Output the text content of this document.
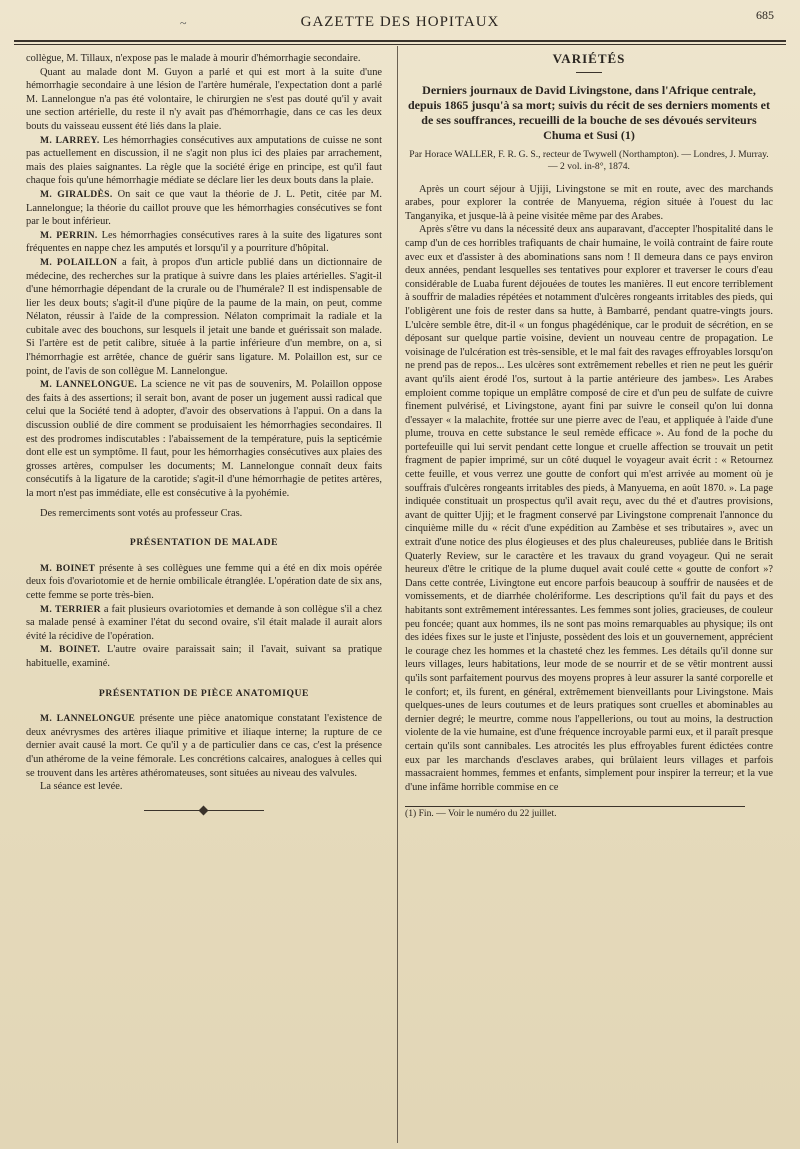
~	GAZETTE DES HOPITAUX	685

collègue, M. Tillaux, n'expose pas le malade à mourir d'hémorrhagie secondaire.

Quant au malade dont M. Guyon a parlé et qui est mort à la suite d'une hémorrhagie secondaire à une lésion de l'artère humérale, l'expectation dont a parlé M. Lannelongue n'a pas été volontaire, le chirurgien ne s'est pas douté qu'il y avait une section artérielle, du reste il n'y avait pas d'hémorrhagie, dans ce cas les deux bouts du vaisseau eussent été liés dans la plaie.

M. LARREY. Les hémorrhagies consécutives aux amputations de cuisse ne sont pas actuellement en discussion, il ne s'agit non plus ici des plaies par arrachement, mais des plaies saignantes. La règle que la société érige en principe, est qu'il faut chaque fois qu'une hémorrhagie médiate se déclare lier les deux bouts dans la plaie.

M. GIRALDÈS. On sait ce que vaut la théorie de J. L. Petit, citée par M. Lannelongue; la théorie du caillot prouve que les hémorrhagies consécutives se font par le bout inférieur.

M. PERRIN. Les hémorrhagies consécutives rares à la suite des ligatures sont fréquentes en nappe chez les amputés et lorsqu'il y a pourriture d'hôpital.

M. POLAILLON a fait, à propos d'un article publié dans un dictionnaire de médecine, des recherches sur la pratique à suivre dans les plaies artérielles. S'agit-il d'une hémorrhagie dépendant de la crurale ou de l'humérale? Il est indispensable de lier les deux bouts; s'agit-il d'une piqûre de la paume de la main, on peut, comme Nélaton, réussir à l'aide de la compression. Nélaton comprimait la radiale et la cubitale avec des bouchons, sur lesquels il jetait une bande et guérissait son malade. Si l'artère est de petit calibre, située à la partie inférieure d'un membre, on a, si l'hémorrhagie est arrêtée, chance de guérir sans ligature. M. Polaillon est, sur ce point, de l'avis de son collègue M. Lannelongue.

M. LANNELONGUE. La science ne vit pas de souvenirs, M. Polaillon oppose des faits à des assertions; il serait bon, avant de poser un jugement aussi radical que celui que la Société tend à adopter, d'avoir des observations à l'appui. On a dans la discussion oublié de dire comment se produisaient les hémorrhagies secondaires. Il est des prodromes indiscutables : l'abaissement de la température, puis la septicémie dont elle est un symptôme. Il faut, pour les hémorrhagies consécutives aux plaies des grosses artères, compulser les documents; M. Lannelongue connaît deux faits consécutifs à la ligature de la carotide; s'agit-il d'une hémorrhagie de petites artères, la mort n'est pas immédiate, elle est consécutive à la pyohémie.

Des remerciments sont votés au professeur Cras.

PRÉSENTATION DE MALADE

M. BOINET présente à ses collègues une femme qui a été en dix mois opérée deux fois d'ovariotomie et de hernie ombilicale étranglée. L'opération date de six ans, cette femme se porte très-bien.

M. TERRIER a fait plusieurs ovariotomies et demande à son collègue s'il a chez sa malade pensé à examiner l'état du second ovaire, s'il était malade il aurait alors évité la récidive de l'opération.

M. BOINET. L'autre ovaire paraissait sain; il l'avait, suivant sa pratique habituelle, examiné.

PRÉSENTATION DE PIÈCE ANATOMIQUE

M. LANNELONGUE présente une pièce anatomique constatant l'existence de deux anévrysmes des artères iliaque primitive et iliaque interne; la rupture de ce dernier avait causé la mort. Ce qu'il y a de particulier dans ce cas, c'est la présence d'un athérome de la veine fémorale. Les concrétions calcaires, analogues à celles qui se trouvent dans les artères athéromateuses, sont situées au niveau des valvules.

La séance est levée.

VARIÉTÉS
Derniers journaux de David Livingstone, dans l'Afrique centrale, depuis 1865 jusqu'à sa mort; suivis du récit de ses derniers moments et de ses souffrances, recueilli de la bouche de ses dévoués serviteurs Chuma et Susi (1)
Par Horace WALLER, F. R. G. S., recteur de Twywell (Northampton). — Londres, J. Murray. — 2 vol. in-8°, 1874.

Après un court séjour à Ujiji, Livingstone se mit en route, avec des marchands arabes, pour explorer la contrée de Manyuema, région située à l'ouest du lac Tanganyika, et jusque-là à peine visitée même par des Arabes.

Après s'être vu dans la nécessité deux ans auparavant, d'accepter l'hospitalité dans le camp d'un de ces horribles trafiquants de chair humaine, le voilà contraint de faire route avec eux et d'assister à des abominations sans nom ! Il demeura dans ce pays environ deux années, pendant lesquelles ses tentatives pour explorer et traverser le cours d'eau considérable de Luaba furent déjouées de toutes les manières. Il eut encore terriblement à souffrir de maladies répétées et notamment d'ulcères rongeants irritables des pieds, qui l'obligèrent une fois de rester dans sa hutte, à Bambarré, pendant quatre-vingts jours. L'ulcère semble être, dit-il « un fongus phagédénique, car le produit de sécrétion, en se déposant sur quelque partie voisine, devient un nouveau centre de propagation. Le voisinage de l'ulcération est très-sensible, et le mal fait des ravages effroyables lorsqu'on ne prend pas de repos... Les ulcères sont extrêmement rebelles et rien ne peut les guérir avant qu'ils aient érodé l'os, surtout à la partie antérieure des jambes». Les Arabes emploient comme topique un emplâtre composé de cire et d'un peu de sulfate de cuivre finement pulvérisé, et Livingstone, ayant fini par suivre le conseil qu'on lui donna d'essayer « la malachite, frottée sur une pierre avec de l'eau, et appliquée à l'aide d'une plume, trouva en cette substance le seul remède efficace ». Au fond de la poche du portefeuille qui lui servit pendant cette longue et cruelle affection se trouvait un petit fragment de papier imprimé, sur un côté duquel le voyageur avait écrit : « Retournez cette feuille, et vous verrez une goutte de confort qui m'est arrivée au moment où je souffrais d'ulcères rongeants irritables des pieds, à Manyuema, en août 1870. ». La page indiquée constituait un prospectus qu'il avait reçu, avec du thé et d'autres provisions, avant de quitter Ujij; et le fragment conservé par Livingstone comprenait l'annonce du cinquième mille du « récit d'une expédition au Zambèse et ses tributaires », avec un extrait d'une notice des plus élogieuses et des plus chaleureuses, publiée dans le British Quaterly Review, sur le caractère et les travaux du grand voyageur. Qui ne serait heureux d'être le critique de la plume duquel avait coulé cette « goutte de confort »? Dans cette contrée, Livingtone eut encore parfois beaucoup à souffrir de nausées et de vomissements, et de diarrhée cholériforme. Les descriptions qu'il fait du pays et des habitants sont extrêmement intéressantes. Les femmes sont jolies, gracieuses, de couleur peu foncée; quant aux hommes, ils ne sont pas moins remarquables au physique; ils ont des idées fixes sur le juste et l'injuste, possèdent des lois et un gouvernement, apprécient le courage chez les hommes et la chasteté chez les femmes. Les détails qu'il donne sur leurs villages, leurs habitations, leur mode de se nourrir et de se vêtir montrent aussi qu'ils sont parfaitement pourvus des moyens propres à leur assurer la santé corporelle et le confort; et, ils furent, en général, extrêmement bienveillants pour Livingstone. Mais quelques-unes de leurs coutumes et de leurs pratiques sont cruelles et abominables au dernier degré; le meurtre, comme nous l'appellerions, ou tout au moins, la destruction violente de la vie humaine, est d'une fréquence incroyable parmi eux, et il paraît presque certain qu'ils sont cannibales. Les atrocités les plus effroyables furent édictées contre eux par les marchands d'esclaves arabes, qui brûlaient leurs villages et parfois massacraient hommes, femmes et enfants, simplement pour inspirer la terreur; et la vue d'une infâme horrible commise en ce

(1) Fin. — Voir le numéro du 22 juillet.
